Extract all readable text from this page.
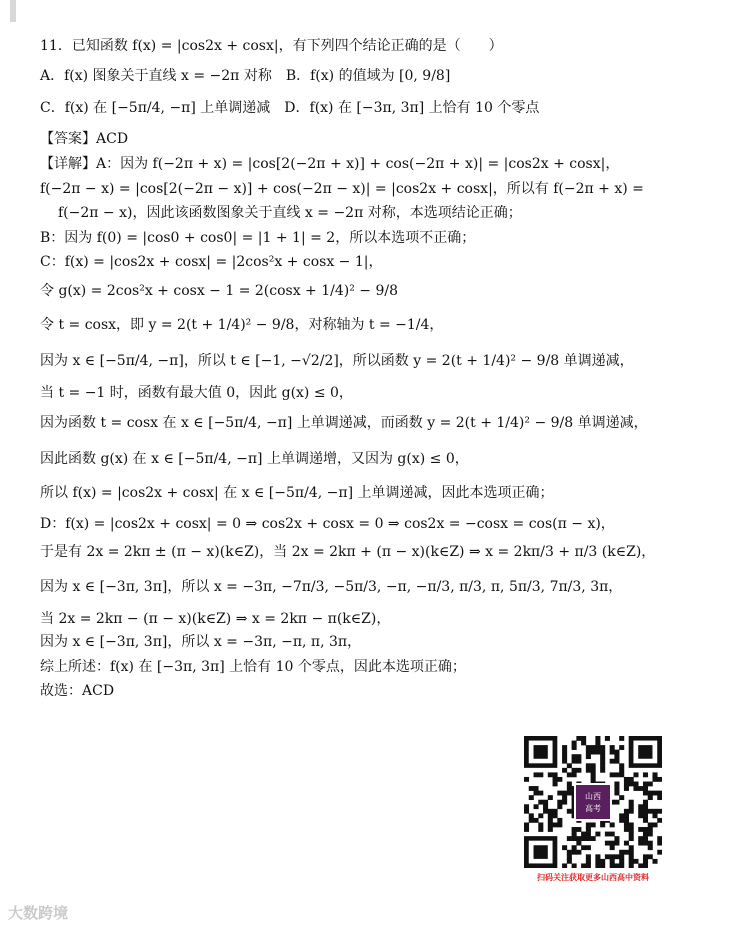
11．已知函数 f(x) = |cos2x + cosx|，有下列四个结论正确的是（　　）
A．f(x) 图象关于直线 x = −2π 对称　B．f(x) 的值域为 [0, 9/8]
C．f(x) 在 [−5π/4, −π] 上单调递减　D．f(x) 在 [−3π, 3π] 上恰有 10 个零点
【答案】ACD
【详解】A：因为 f(−2π + x) = |cos[2(−2π + x)] + cos(−2π + x)| = |cos2x + cosx|，
f(−2π − x) = |cos[2(−2π − x)] + cos(−2π − x)| = |cos2x + cosx|，所以有 f(−2π + x) =
f(−2π − x)，因此该函数图象关于直线 x = −2π 对称，本选项结论正确；
B：因为 f(0) = |cos0 + cos0| = |1 + 1| = 2，所以本选项不正确；
C：f(x) = |cos2x + cosx| = |2cos²x + cosx − 1|，
令 g(x) = 2cos²x + cosx − 1 = 2(cosx + 1/4)² − 9/8
令 t = cosx，即 y = 2(t + 1/4)² − 9/8，对称轴为 t = −1/4，
因为 x ∈ [−5π/4, −π]，所以 t ∈ [−1, −√2/2]，所以函数 y = 2(t + 1/4)² − 9/8 单调递减，
当 t = −1 时，函数有最大值 0，因此 g(x) ≤ 0，
因为函数 t = cosx 在 x ∈ [−5π/4, −π] 上单调递减，而函数 y = 2(t + 1/4)² − 9/8 单调递减，
因此函数 g(x) 在 x ∈ [−5π/4, −π] 上单调递增，又因为 g(x) ≤ 0，
所以 f(x) = |cos2x + cosx| 在 x ∈ [−5π/4, −π] 上单调递减，因此本选项正确；
D：f(x) = |cos2x + cosx| = 0 ⇒ cos2x + cosx = 0 ⇒ cos2x = −cosx = cos(π − x)，
于是有 2x = 2kπ ± (π − x)(k∈Z)，当 2x = 2kπ + (π − x)(k∈Z) ⇒ x = 2kπ/3 + π/3 (k∈Z)，
因为 x ∈ [−3π, 3π]，所以 x = −3π, −7π/3, −5π/3, −π, −π/3, π/3, π, 5π/3, 7π/3, 3π，
当 2x = 2kπ − (π − x)(k∈Z) ⇒ x = 2kπ − π(k∈Z)，
因为 x ∈ [−3π, 3π]，所以 x = −3π, −π, π, 3π，
综上所述：f(x) 在 [−3π, 3π] 上恰有 10 个零点，因此本选项正确；
故选：ACD
山西
高考
扫码关注获取更多山西高中资料
大数跨境
